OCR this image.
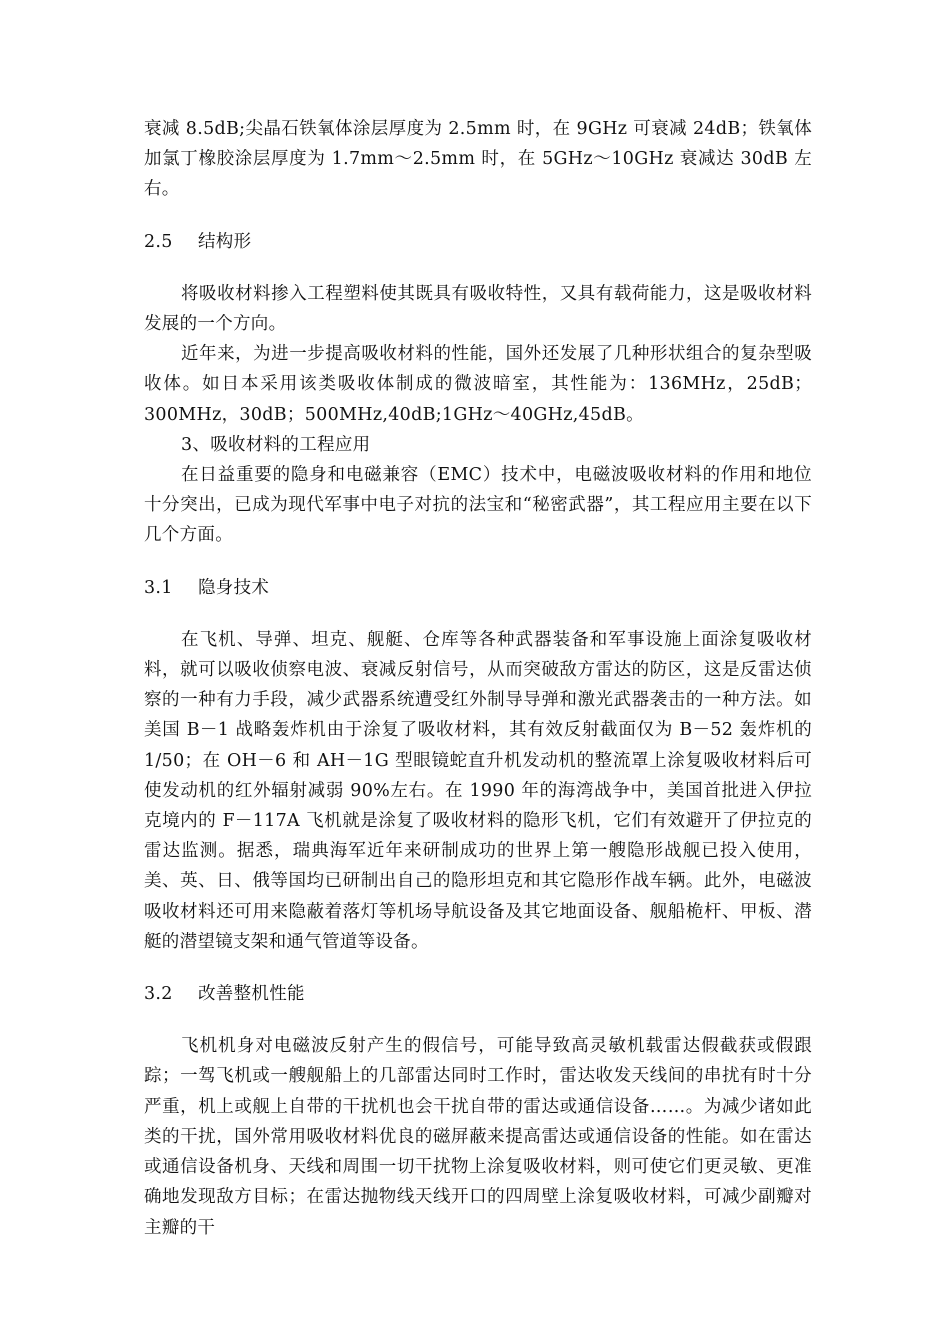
衰减 8.5dB;尖晶石铁氧体涂层厚度为 2.5mm 时，在 9GHz 可衰减 24dB；铁氧体加氯丁橡胶涂层厚度为 1.7mm～2.5mm 时，在 5GHz～10GHz 衰减达 30dB 左右。

2.5 结构形

将吸收材料掺入工程塑料使其既具有吸收特性，又具有载荷能力，这是吸收材料发展的一个方向。

近年来，为进一步提高吸收材料的性能，国外还发展了几种形状组合的复杂型吸收体。如日本采用该类吸收体制成的微波暗室，其性能为：136MHz，25dB；300MHz，30dB；500MHz,40dB;1GHz～40GHz,45dB。

3、吸收材料的工程应用

在日益重要的隐身和电磁兼容（EMC）技术中，电磁波吸收材料的作用和地位十分突出，已成为现代军事中电子对抗的法宝和“秘密武器”，其工程应用主要在以下几个方面。

3.1 隐身技术

在飞机、导弹、坦克、舰艇、仓库等各种武器装备和军事设施上面涂复吸收材料，就可以吸收侦察电波、衰减反射信号，从而突破敌方雷达的防区，这是反雷达侦察的一种有力手段，减少武器系统遭受红外制导导弹和激光武器袭击的一种方法。如美国 B－1 战略轰炸机由于涂复了吸收材料，其有效反射截面仅为 B－52 轰炸机的 1/50；在 OH－6 和 AH－1G 型眼镜蛇直升机发动机的整流罩上涂复吸收材料后可使发动机的红外辐射减弱 90%左右。在 1990 年的海湾战争中，美国首批进入伊拉克境内的 F－117A 飞机就是涂复了吸收材料的隐形飞机，它们有效避开了伊拉克的雷达监测。据悉，瑞典海军近年来研制成功的世界上第一艘隐形战舰已投入使用，美、英、日、俄等国均已研制出自己的隐形坦克和其它隐形作战车辆。此外，电磁波吸收材料还可用来隐蔽着落灯等机场导航设备及其它地面设备、舰船桅杆、甲板、潜艇的潜望镜支架和通气管道等设备。

3.2 改善整机性能

飞机机身对电磁波反射产生的假信号，可能导致高灵敏机载雷达假截获或假跟踪；一驾飞机或一艘舰船上的几部雷达同时工作时，雷达收发天线间的串扰有时十分严重，机上或舰上自带的干扰机也会干扰自带的雷达或通信设备……。为减少诸如此类的干扰，国外常用吸收材料优良的磁屏蔽来提高雷达或通信设备的性能。如在雷达或通信设备机身、天线和周围一切干扰物上涂复吸收材料，则可使它们更灵敏、更准确地发现敌方目标；在雷达抛物线天线开口的四周壁上涂复吸收材料，可减少副瓣对主瓣的干
